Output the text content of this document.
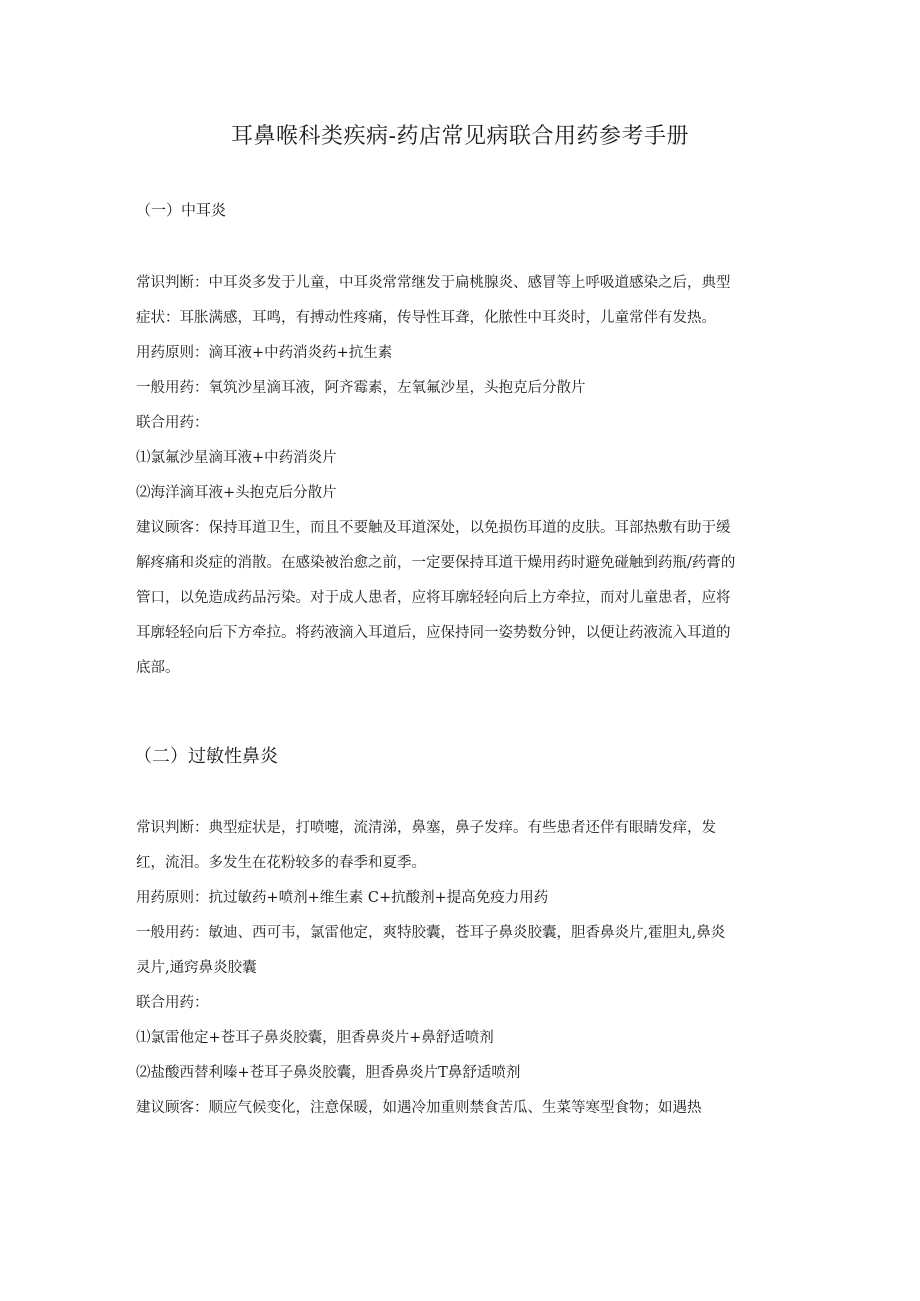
耳鼻喉科类疾病-药店常见病联合用药参考手册
（一）中耳炎
常识判断：中耳炎多发于儿童，中耳炎常常继发于扁桃腺炎、感冒等上呼吸道感染之后，典型
症状：耳胀满感，耳鸣，有搏动性疼痛，传导性耳聋，化脓性中耳炎时，儿童常伴有发热。
用药原则：滴耳液+中药消炎药+抗生素
一般用药：氧筑沙星滴耳液，阿齐霉素，左氧氟沙星，头抱克后分散片
联合用药：
⑴氯氟沙星滴耳液+中药消炎片
⑵海洋滴耳液+头抱克后分散片
建议顾客：保持耳道卫生，而且不要触及耳道深处，以免损伤耳道的皮肤。耳部热敷有助于缓
解疼痛和炎症的消散。在感染被治愈之前，一定要保持耳道干燥用药时避免碰触到药瓶/药膏的
管口，以免造成药品污染。对于成人患者，应将耳廓轻轻向后上方牵拉，而对儿童患者，应将
耳廓轻轻向后下方牵拉。将药液滴入耳道后，应保持同一姿势数分钟，以便让药液流入耳道的
底部。
（二）过敏性鼻炎
常识判断：典型症状是，打喷嚏，流清涕，鼻塞，鼻子发痒。有些患者还伴有眼睛发痒，发
红，流泪。多发生在花粉较多的春季和夏季。
用药原则：抗过敏药+喷剂+维生素 C+抗酸剂+提高免疫力用药
一般用药：敏迪、西可韦，氯雷他定，爽特胶囊，苍耳子鼻炎胶囊，胆香鼻炎片,霍胆丸,鼻炎
灵片,通窍鼻炎胶囊
联合用药：
⑴氯雷他定+苍耳子鼻炎胶囊，胆香鼻炎片+鼻舒适喷剂
⑵盐酸西替利嗪+苍耳子鼻炎胶囊，胆香鼻炎片T鼻舒适喷剂
建议顾客：顺应气候变化，注意保暖，如遇冷加重则禁食苦瓜、生菜等寒型食物；如遇热
